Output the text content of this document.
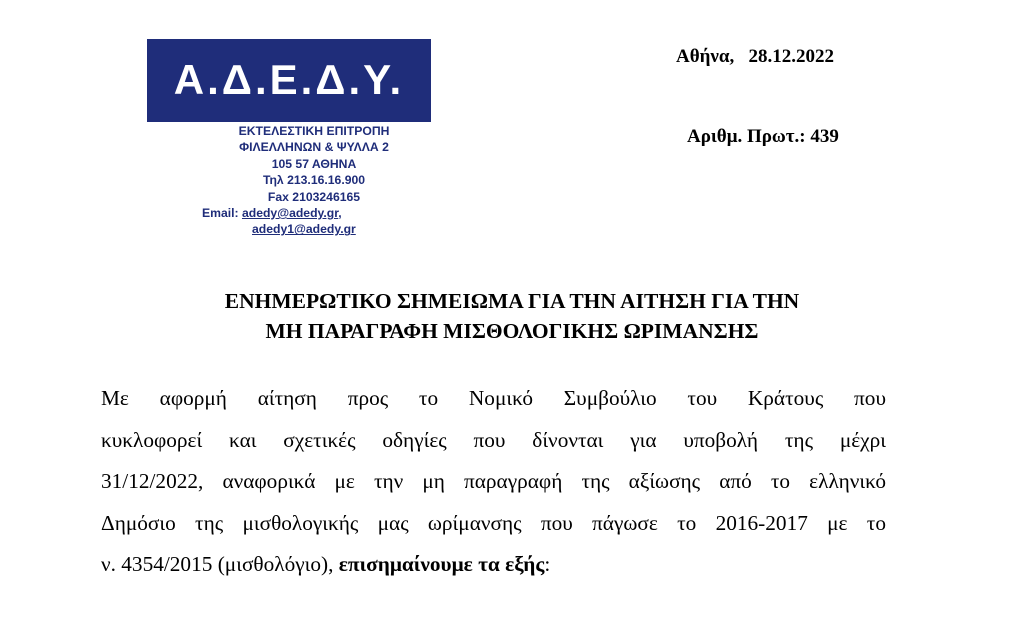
Α.Δ.Ε.Δ.Υ.
ΕΚΤΕΛΕΣΤΙΚΗ ΕΠΙΤΡΟΠΗ
ΦΙΛΕΛΛΗΝΩΝ & ΨΥΛΛΑ 2
105 57 ΑΘΗΝΑ
Τηλ 213.16.16.900
Fax 2103246165
Email: adedy@adedy.gr,
adedy1@adedy.gr
Αθήνα,   28.12.2022
Αριθμ. Πρωτ.: 439
ΕΝΗΜΕΡΩΤΙΚΟ ΣΗΜΕΙΩΜΑ ΓΙΑ ΤΗΝ ΑΙΤΗΣΗ ΓΙΑ ΤΗΝ
ΜΗ ΠΑΡΑΓΡΑΦΗ ΜΙΣΘΟΛΟΓΙΚΗΣ ΩΡΙΜΑΝΣΗΣ
Με αφορμή αίτηση προς το Νομικό Συμβούλιο του Κράτους που
κυκλοφορεί και σχετικές οδηγίες που δίνονται για υποβολή της μέχρι
31/12/2022, αναφορικά με την μη παραγραφή της αξίωσης από το ελληνικό
Δημόσιο της μισθολογικής μας ωρίμανσης που πάγωσε το 2016-2017 με το
ν. 4354/2015 (μισθολόγιο), επισημαίνουμε τα εξής:
